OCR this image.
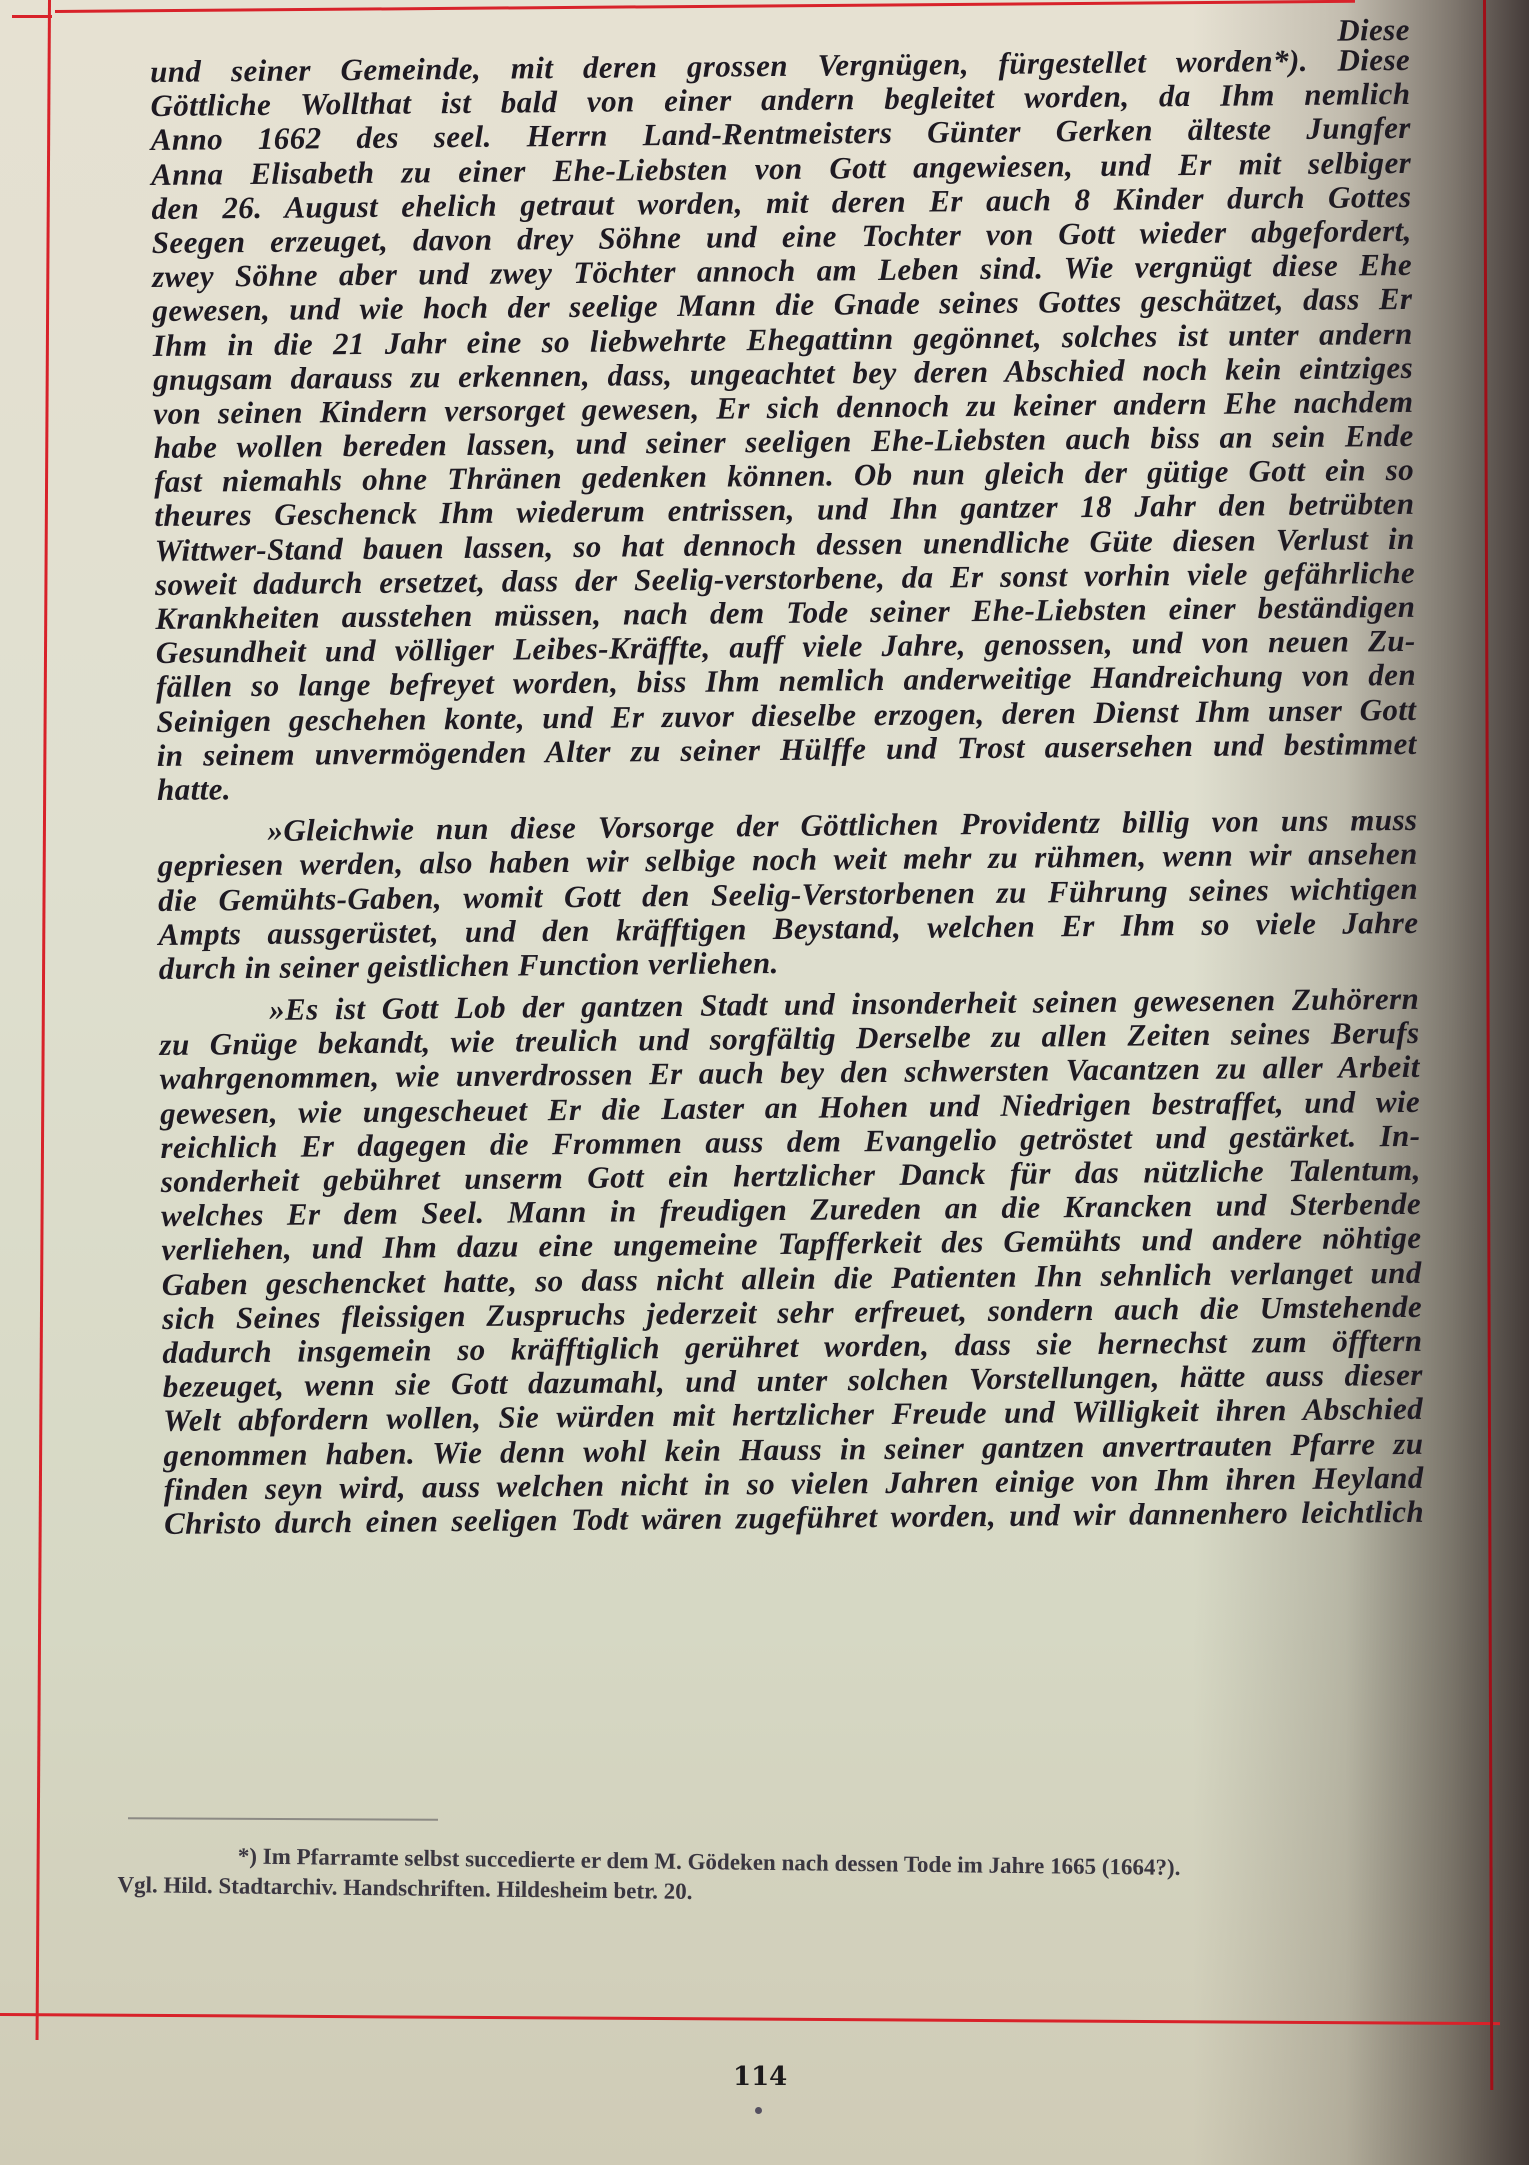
Diese
und seiner Gemeinde, mit deren grossen Vergnügen, fürgestellet worden*). Diese
Göttliche Wollthat ist bald von einer andern begleitet worden, da Ihm nemlich
Anno 1662 des seel. Herrn Land-Rentmeisters Günter Gerken älteste Jungfer
Anna Elisabeth zu einer Ehe-Liebsten von Gott angewiesen, und Er mit selbiger
den 26. August ehelich getraut worden, mit deren Er auch 8 Kinder durch Gottes
Seegen erzeuget, davon drey Söhne und eine Tochter von Gott wieder abgefordert,
zwey Söhne aber und zwey Töchter annoch am Leben sind. Wie vergnügt diese Ehe
gewesen, und wie hoch der seelige Mann die Gnade seines Gottes geschätzet, dass Er
Ihm in die 21 Jahr eine so liebwehrte Ehegattinn gegönnet, solches ist unter andern
gnugsam darauss zu erkennen, dass, ungeachtet bey deren Abschied noch kein eintziges
von seinen Kindern versorget gewesen, Er sich dennoch zu keiner andern Ehe nachdem
habe wollen bereden lassen, und seiner seeligen Ehe-Liebsten auch biss an sein Ende
fast niemahls ohne Thränen gedenken können. Ob nun gleich der gütige Gott ein so
theures Geschenck Ihm wiederum entrissen, und Ihn gantzer 18 Jahr den betrübten
Wittwer-Stand bauen lassen, so hat dennoch dessen unendliche Güte diesen Verlust in
soweit dadurch ersetzet, dass der Seelig-verstorbene, da Er sonst vorhin viele gefährliche
Krankheiten ausstehen müssen, nach dem Tode seiner Ehe-Liebsten einer beständigen
Gesundheit und völliger Leibes-Kräffte, auff viele Jahre, genossen, und von neuen Zu-
fällen so lange befreyet worden, biss Ihm nemlich anderweitige Handreichung von den
Seinigen geschehen konte, und Er zuvor dieselbe erzogen, deren Dienst Ihm unser Gott
in seinem unvermögenden Alter zu seiner Hülffe und Trost ausersehen und bestimmet
hatte.
»Gleichwie nun diese Vorsorge der Göttlichen Providentz billig von uns muss
gepriesen werden, also haben wir selbige noch weit mehr zu rühmen, wenn wir ansehen
die Gemühts-Gaben, womit Gott den Seelig-Verstorbenen zu Führung seines wichtigen
Ampts aussgerüstet, und den kräfftigen Beystand, welchen Er Ihm so viele Jahre
durch in seiner geistlichen Function verliehen.
»Es ist Gott Lob der gantzen Stadt und insonderheit seinen gewesenen Zuhörern
zu Gnüge bekandt, wie treulich und sorgfältig Derselbe zu allen Zeiten seines Berufs
wahrgenommen, wie unverdrossen Er auch bey den schwersten Vacantzen zu aller Arbeit
gewesen, wie ungescheuet Er die Laster an Hohen und Niedrigen bestraffet, und wie
reichlich Er dagegen die Frommen auss dem Evangelio getröstet und gestärket. In-
sonderheit gebühret unserm Gott ein hertzlicher Danck für das nützliche Talentum,
welches Er dem Seel. Mann in freudigen Zureden an die Krancken und Sterbende
verliehen, und Ihm dazu eine ungemeine Tapfferkeit des Gemühts und andere nöhtige
Gaben geschencket hatte, so dass nicht allein die Patienten Ihn sehnlich verlanget und
sich Seines fleissigen Zuspruchs jederzeit sehr erfreuet, sondern auch die Umstehende
dadurch insgemein so kräfftiglich gerühret worden, dass sie hernechst zum öfftern
bezeuget, wenn sie Gott dazumahl, und unter solchen Vorstellungen, hätte auss dieser
Welt abfordern wollen, Sie würden mit hertzlicher Freude und Willigkeit ihren Abschied
genommen haben. Wie denn wohl kein Hauss in seiner gantzen anvertrauten Pfarre zu
finden seyn wird, auss welchen nicht in so vielen Jahren einige von Ihm ihren Heyland
Christo durch einen seeligen Todt wären zugeführet worden, und wir dannenhero leichtlich
*) Im Pfarramte selbst succedierte er dem M. Gödeken nach dessen Tode im Jahre 1665 (1664?).
Vgl. Hild. Stadtarchiv. Handschriften. Hildesheim betr. 20.
114
